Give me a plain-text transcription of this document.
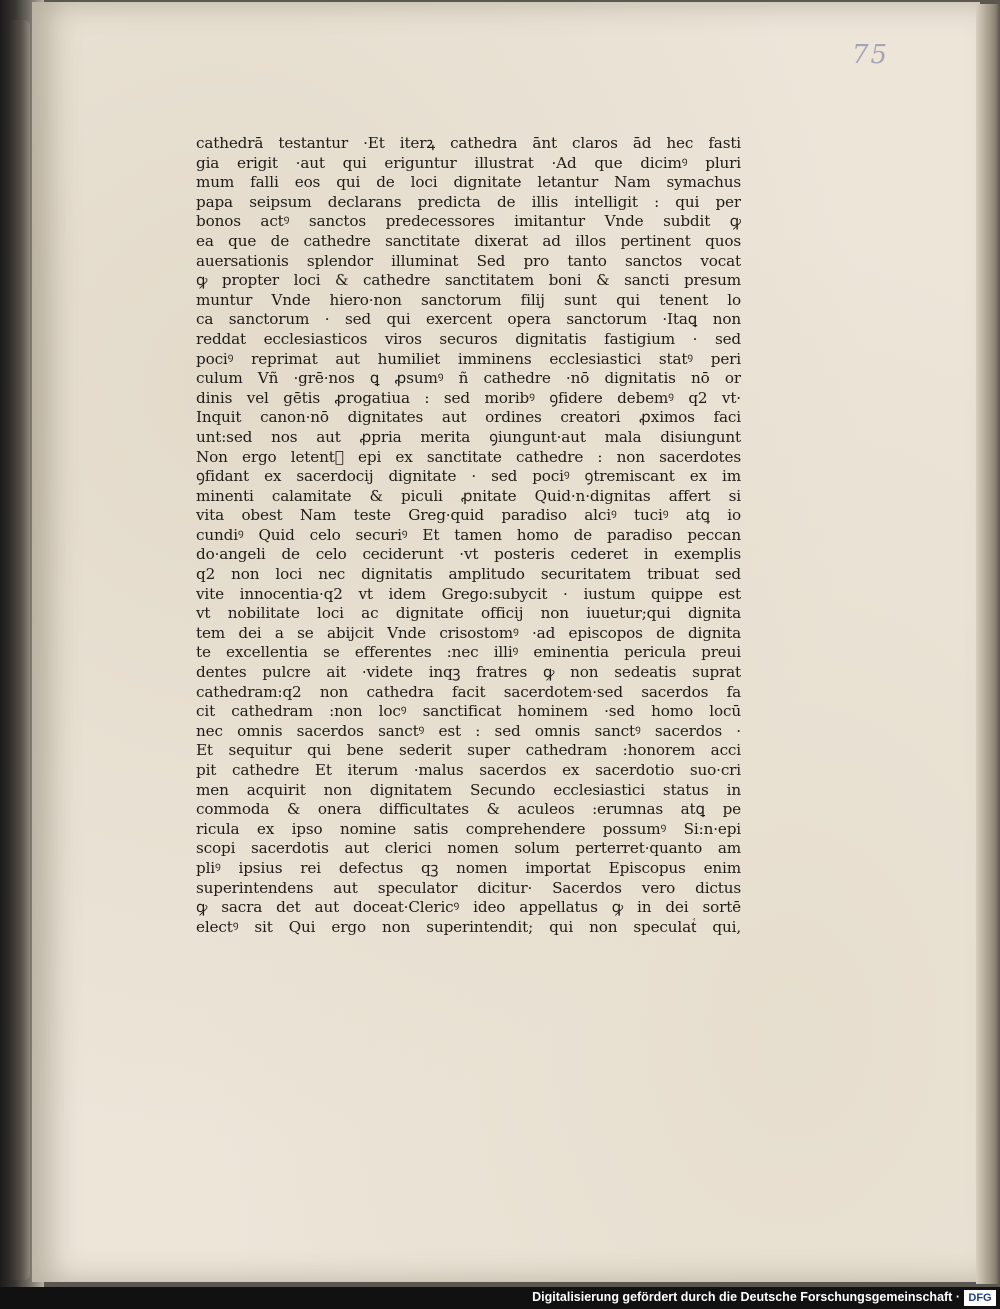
75
cathedrā testantur ·Et iterꝝ cathedra ānt claros ād hec fasti
gia erigit ·aut qui eriguntur illustrat ·Ad que dicimꝰ pluri
mum falli eos qui de loci dignitate letantur Nam symachus
papa seipsum declarans predicta de illis intelligit : qui per
bonos actꝰ sanctos predecessores imitantur Vnde subdit ꝙ
ea que de cathedre sanctitate dixerat ad illos pertinent quos
auersationis splendor illuminat Sed pro tanto sanctos vocat
ꝙ propter loci & cathedre sanctitatem boni & sancti presum
muntur Vnde hiero·non sanctorum filij sunt qui tenent lo
ca sanctorum · sed qui exercent opera sanctorum ·Itaꝗ non
reddat ecclesiasticos viros securos dignitatis fastigium · sed
pociꝰ reprimat aut humiliet imminens ecclesiastici statꝰ peri
culum Vñ ·grē·nos ꝗ ꝓsumꝰ ñ cathedre ·nō dignitatis nō or
dinis vel gētis ꝓrogatiua : sed moribꝰ ꝯfidere debemꝰ q2 vt·
Inquit canon·nō dignitates aut ordines creatori ꝓximos faci
unt:sed nos aut ꝓpria merita ꝯiungunt·aut mala disiungunt
Non ergo letentᷣ epi ex sanctitate cathedre : non sacerdotes
ꝯfidant ex sacerdocij dignitate · sed pociꝰ ꝯtremiscant ex im
minenti calamitate & piculi ꝓnitate Quid·n·dignitas affert si
vita obest Nam teste Greg·quid paradiso alciꝰ tuciꝰ atꝗ io
cundiꝰ Quid celo securiꝰ Et tamen homo de paradiso peccan
do·angeli de celo ceciderunt ·vt posteris cederet in exemplis
q2 non loci nec dignitatis amplitudo securitatem tribuat sed
vite innocentia·q2 vt idem Grego:subycit · iustum quippe est
vt nobilitate loci ac dignitate officij non iuuetur;qui dignita
tem dei a se abijcit Vnde crisostomꝰ ·ad episcopos de dignita
te excellentia se efferentes :nec illiꝰ eminentia pericula preui
dentes pulcre ait ·videte inqꝫ fratres ꝙ non sedeatis suprat
cathedram:q2 non cathedra facit sacerdotem·sed sacerdos fa
cit cathedram :non locꝰ sanctificat hominem ·sed homo locū
nec omnis sacerdos sanctꝰ est : sed omnis sanctꝰ sacerdos ·
Et sequitur qui bene sederit super cathedram :honorem acci
pit cathedre Et iterum ·malus sacerdos ex sacerdotio suo·cri
men acquirit non dignitatem Secundo ecclesiastici status in
commoda & onera difficultates & aculeos :erumnas atꝗ pe
ricula ex ipso nomine satis comprehendere possumꝰ Si:n·epi
scopi sacerdotis aut clerici nomen solum perterret·quanto am
pliꝰ ipsius rei defectus qꝫ nomen importat Episcopus enim
superintendens aut speculator dicitur· Sacerdos vero dictus
ꝙ sacra det aut doceat·Clericꝰ ideo appellatus ꝙ in dei sortē
electꝰ sit Qui ergo non superintendit; qui non speculatᷣ qui,
Digitalisierung gefördert durch die Deutsche Forschungsgemeinschaft · DFG
